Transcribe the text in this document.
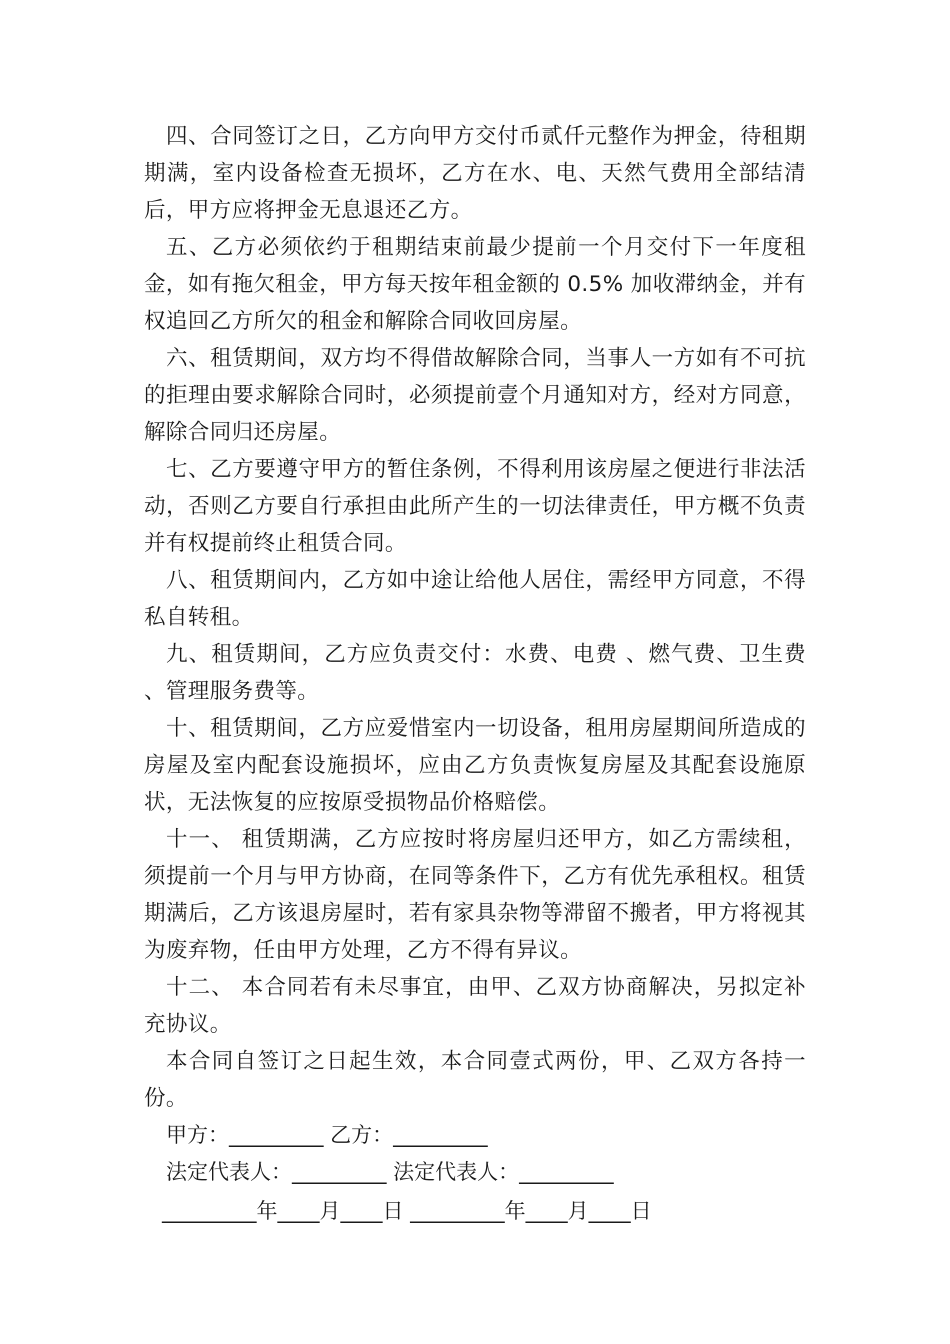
四、合同签订之日，乙方向甲方交付币贰仟元整作为押金，待租期期满，室内设备检查无损坏，乙方在水、电、天然气费用全部结清后，甲方应将押金无息退还乙方。

五、乙方必须依约于租期结束前最少提前一个月交付下一年度租金，如有拖欠租金，甲方每天按年租金额的 0.5% 加收滞纳金，并有权追回乙方所欠的租金和解除合同收回房屋。

六、租赁期间，双方均不得借故解除合同，当事人一方如有不可抗的拒理由要求解除合同时，必须提前壹个月通知对方，经对方同意，解除合同归还房屋。

七、乙方要遵守甲方的暂住条例，不得利用该房屋之便进行非法活动，否则乙方要自行承担由此所产生的一切法律责任，甲方概不负责并有权提前终止租赁合同。

八、租赁期间内，乙方如中途让给他人居住，需经甲方同意，不得私自转租。

九、租赁期间，乙方应负责交付：水费、电费 、燃气费、卫生费 、管理服务费等。

十、租赁期间，乙方应爱惜室内一切设备，租用房屋期间所造成的房屋及室内配套设施损坏，应由乙方负责恢复房屋及其配套设施原状，无法恢复的应按原受损物品价格赔偿。

十一、 租赁期满，乙方应按时将房屋归还甲方，如乙方需续租，须提前一个月与甲方协商，在同等条件下，乙方有优先承租权。租赁期满后，乙方该退房屋时，若有家具杂物等滞留不搬者，甲方将视其为废弃物，任由甲方处理，乙方不得有异议。

十二、 本合同若有未尽事宜，由甲、乙双方协商解决，另拟定补充协议。

本合同自签订之日起生效，本合同壹式两份，甲、乙双方各持一份。

甲方：_________ 乙方：_________
法定代表人：_________ 法定代表人：_________
_________年____月____日 _________年____月____日
